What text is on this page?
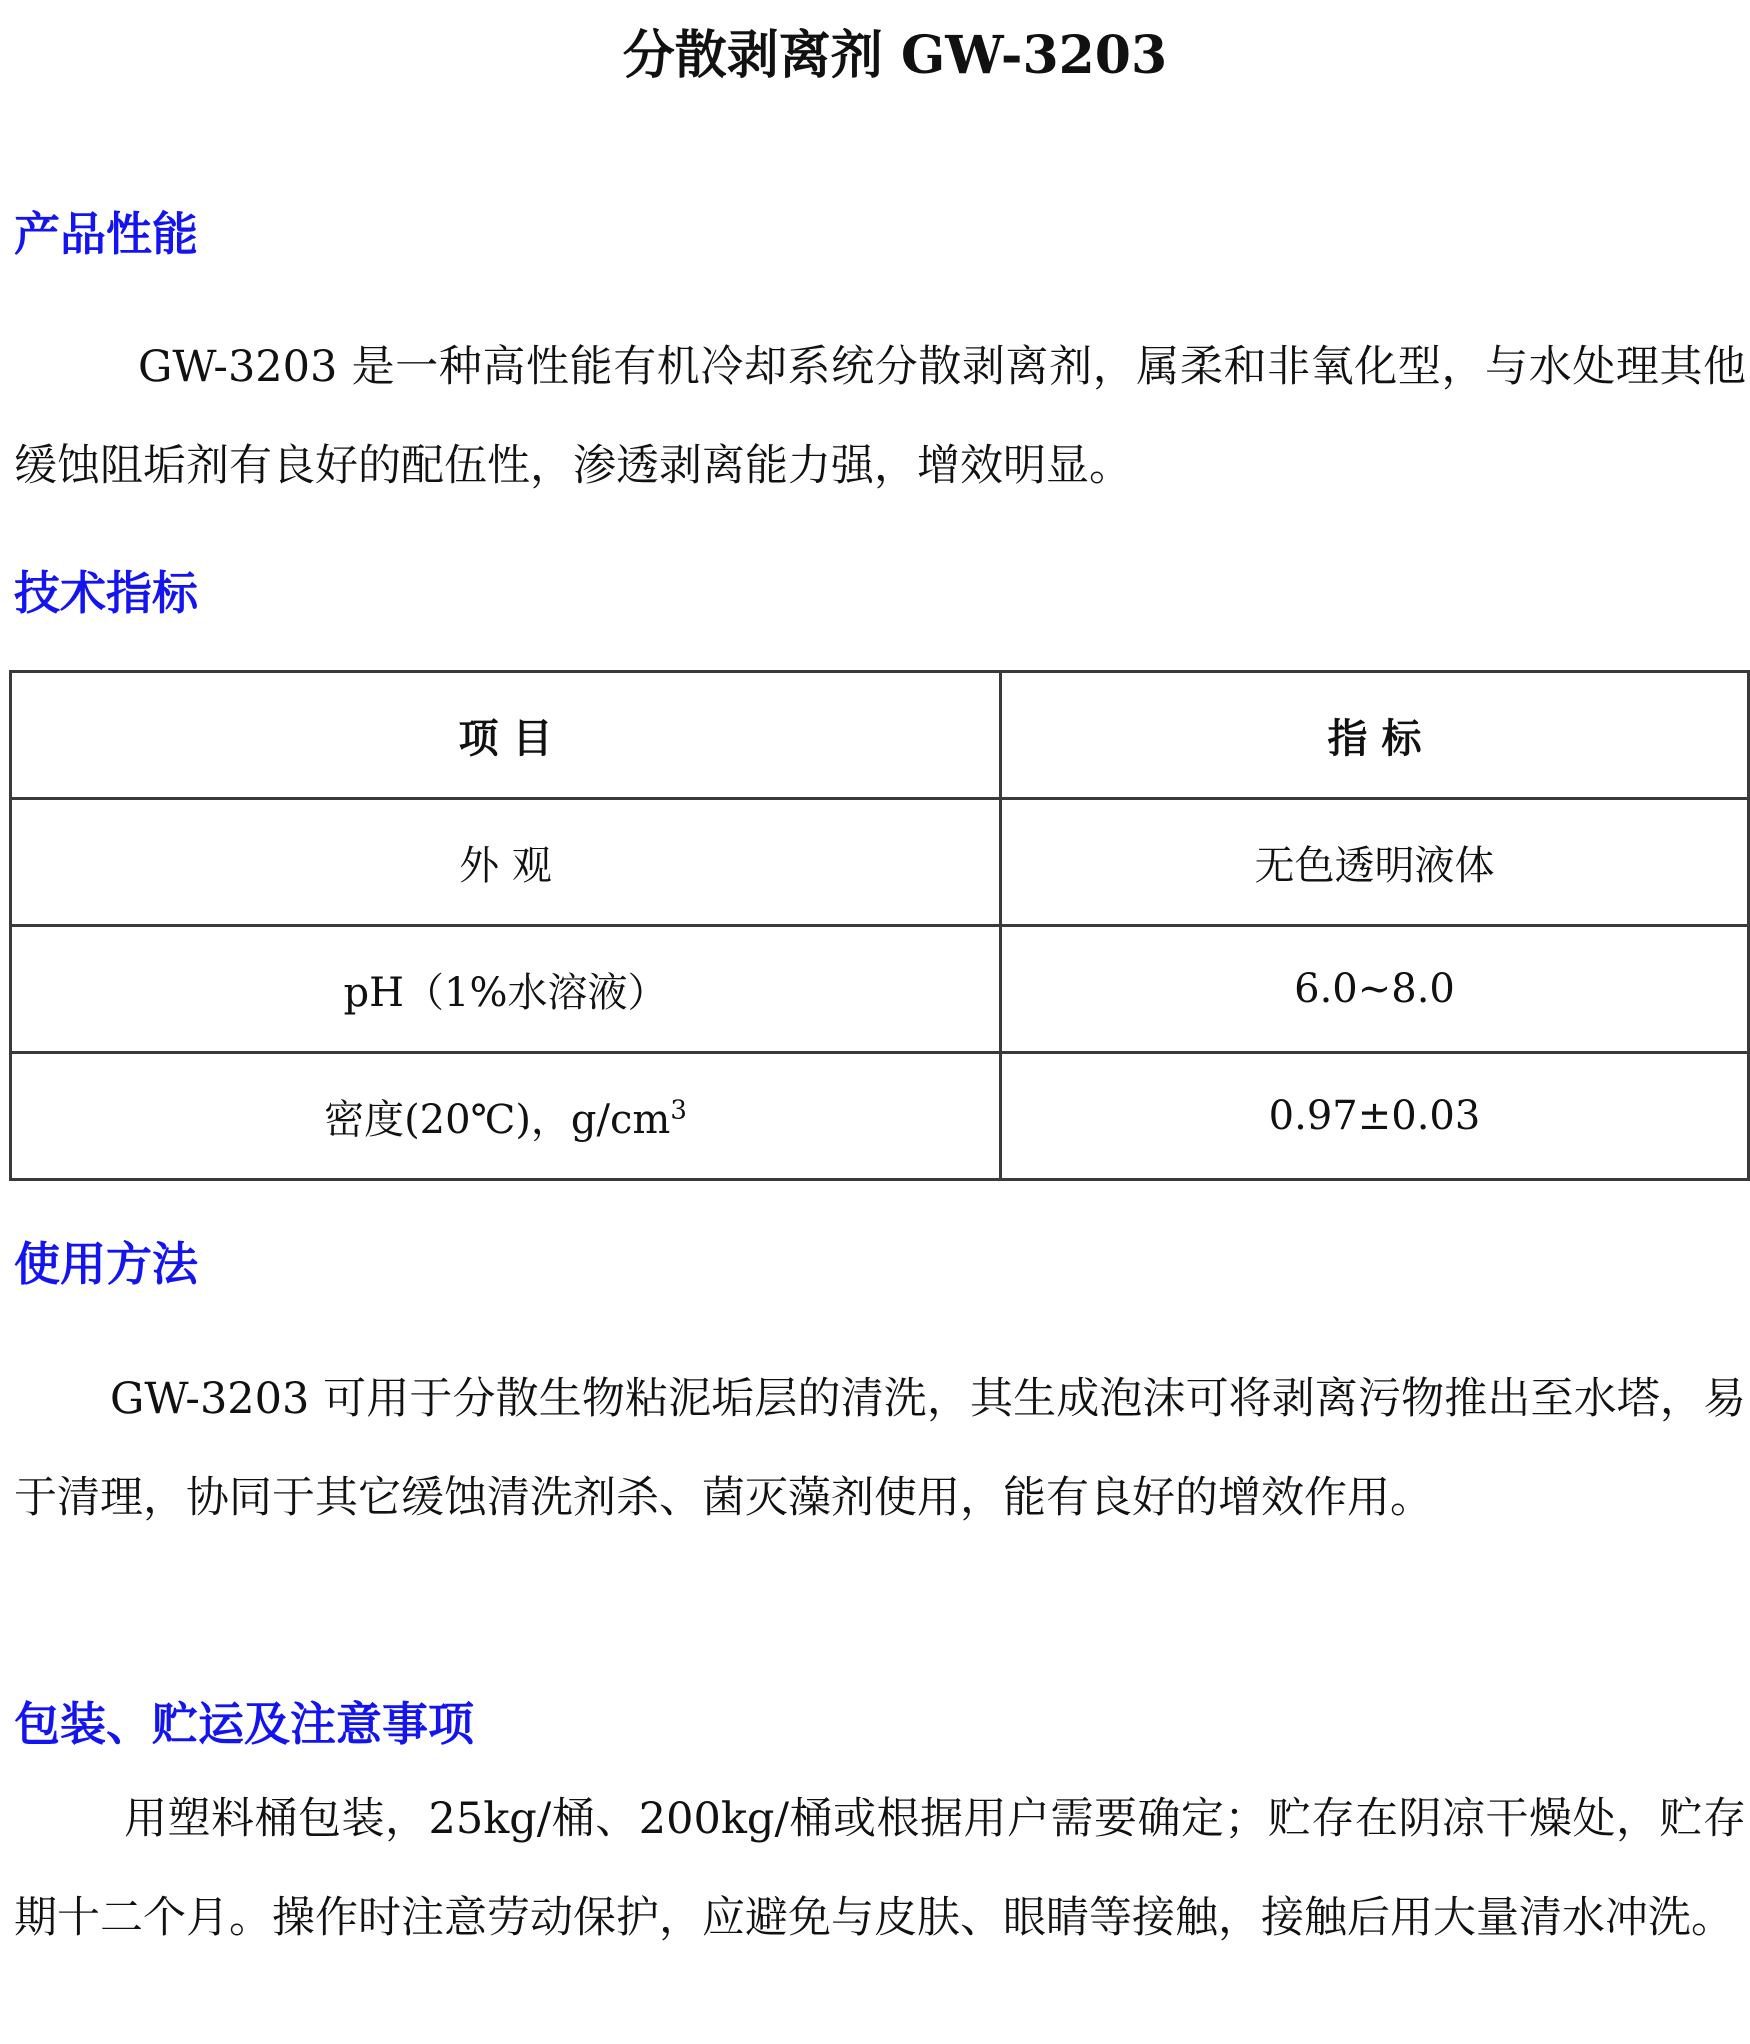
分散剥离剂 GW-3203
产品性能

GW-3203 是一种高性能有机冷却系统分散剥离剂，属柔和非氧化型，与水处理其他缓蚀阻垢剂有良好的配伍性，渗透剥离能力强，增效明显。

技术指标
项 目	指 标
外 观	无色透明液体
pH（1%水溶液）	6.0~8.0
密度(20℃)，$g/cm^3$	0.97±0.03
使用方法

GW-3203 可用于分散生物粘泥垢层的清洗，其生成泡沫可将剥离污物推出至水塔，易于清理，协同于其它缓蚀清洗剂杀、菌灭藻剂使用，能有良好的增效作用。

包装、贮运及注意事项

用塑料桶包装，25kg/桶、200kg/桶或根据用户需要确定；贮存在阴凉干燥处，贮存期十二个月。操作时注意劳动保护，应避免与皮肤、眼睛等接触，接触后用大量清水冲洗。
